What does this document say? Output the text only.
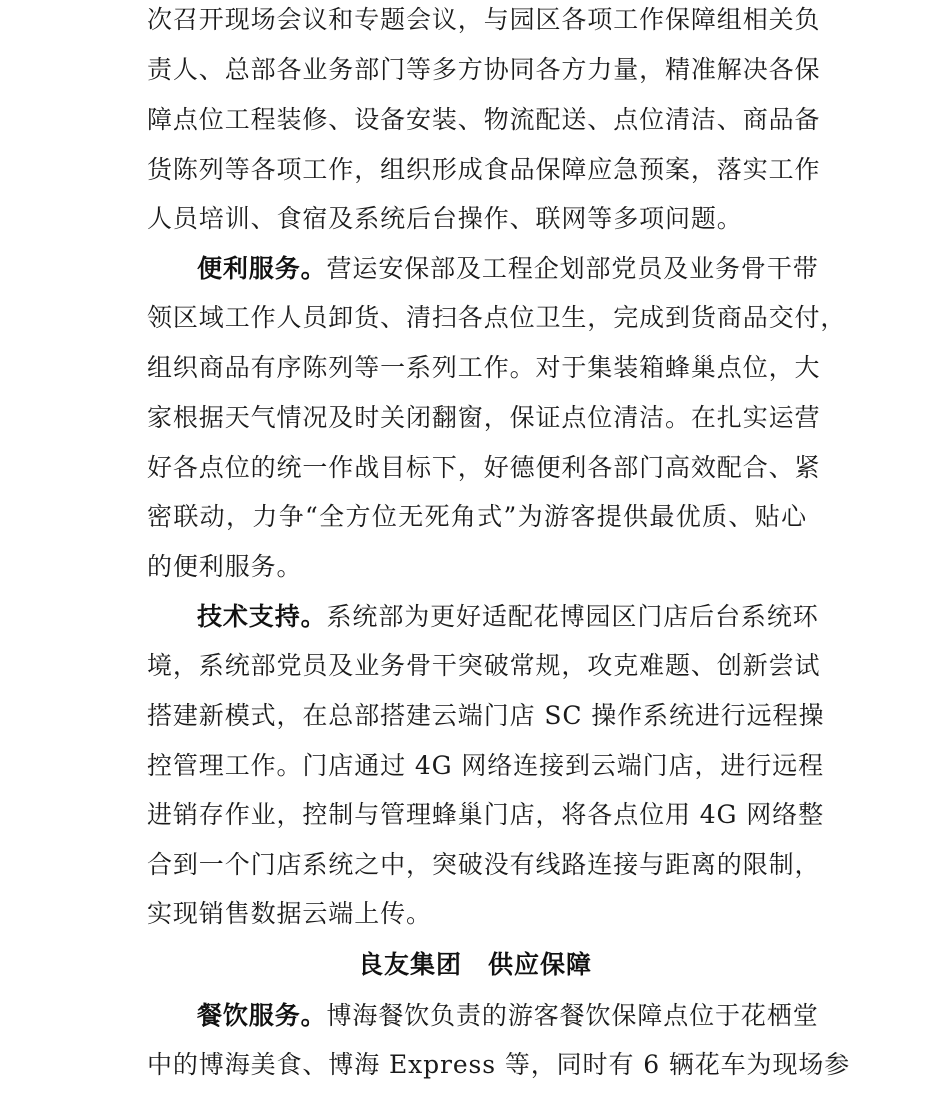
次召开现场会议和专题会议，与园区各项工作保障组相关负
责人、总部各业务部门等多方协同各方力量，精准解决各保
障点位工程装修、设备安装、物流配送、点位清洁、商品备
货陈列等各项工作，组织形成食品保障应急预案，落实工作
人员培训、食宿及系统后台操作、联网等多项问题。
便利服务。营运安保部及工程企划部党员及业务骨干带
领区域工作人员卸货、清扫各点位卫生，完成到货商品交付，
组织商品有序陈列等一系列工作。对于集装箱蜂巢点位，大
家根据天气情况及时关闭翻窗，保证点位清洁。在扎实运营
好各点位的统一作战目标下，好德便利各部门高效配合、紧
密联动，力争“全方位无死角式”为游客提供最优质、贴心
的便利服务。
技术支持。系统部为更好适配花博园区门店后台系统环
境，系统部党员及业务骨干突破常规，攻克难题、创新尝试
搭建新模式，在总部搭建云端门店 SC 操作系统进行远程操
控管理工作。门店通过 4G 网络连接到云端门店，进行远程
进销存作业，控制与管理蜂巢门店，将各点位用 4G 网络整
合到一个门店系统之中，突破没有线路连接与距离的限制，
实现销售数据云端上传。
良友集团　供应保障
餐饮服务。博海餐饮负责的游客餐饮保障点位于花栖堂
中的博海美食、博海 Express 等，同时有 6 辆花车为现场参
